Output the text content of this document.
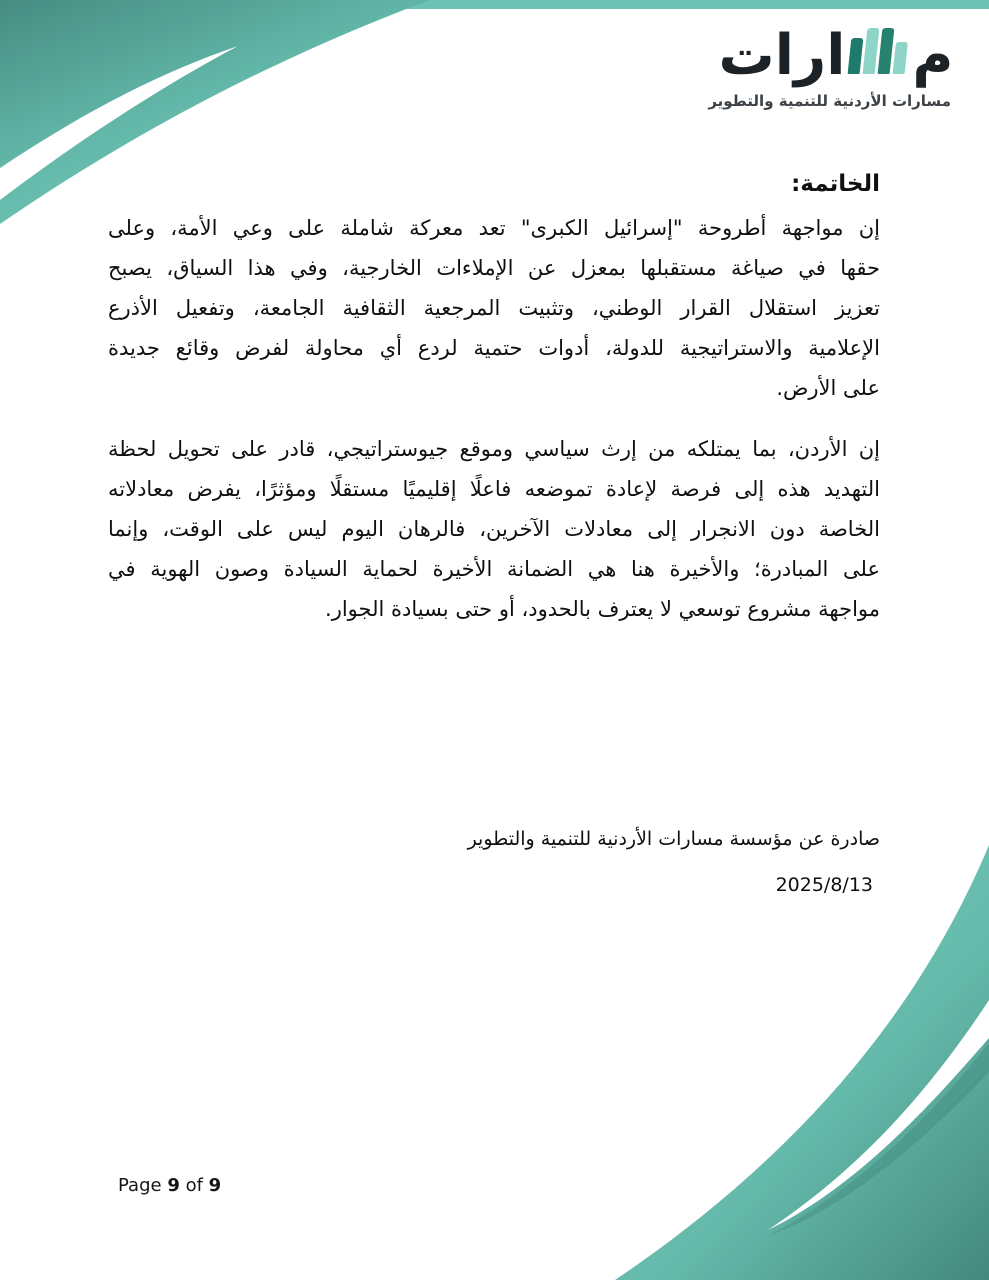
م
ارات
مسارات الأردنية للتنمية والتطوير
الخاتمة:
إن مواجهة أطروحة "إسرائيل الكبرى" تعد معركة شاملة على وعي الأمة، وعلى
حقها في صياغة مستقبلها بمعزل عن الإملاءات الخارجية، وفي هذا السياق، يصبح
تعزيز استقلال القرار الوطني، وتثبيت المرجعية الثقافية الجامعة، وتفعيل الأذرع
الإعلامية والاستراتيجية للدولة، أدوات حتمية لردع أي محاولة لفرض وقائع جديدة
على الأرض.
إن الأردن، بما يمتلكه من إرث سياسي وموقع جيوستراتيجي، قادر على تحويل لحظة
التهديد هذه إلى فرصة لإعادة تموضعه فاعلًا إقليميًا مستقلًا ومؤثرًا، يفرض معادلاته
الخاصة دون الانجرار إلى معادلات الآخرين، فالرهان اليوم ليس على الوقت، وإنما
على المبادرة؛ والأخيرة هنا هي الضمانة الأخيرة لحماية السيادة وصون الهوية في
مواجهة مشروع توسعي لا يعترف بالحدود، أو حتى بسيادة الجوار.
صادرة عن مؤسسة مسارات الأردنية للتنمية والتطوير
2025/8/13
Page 9 of 9
